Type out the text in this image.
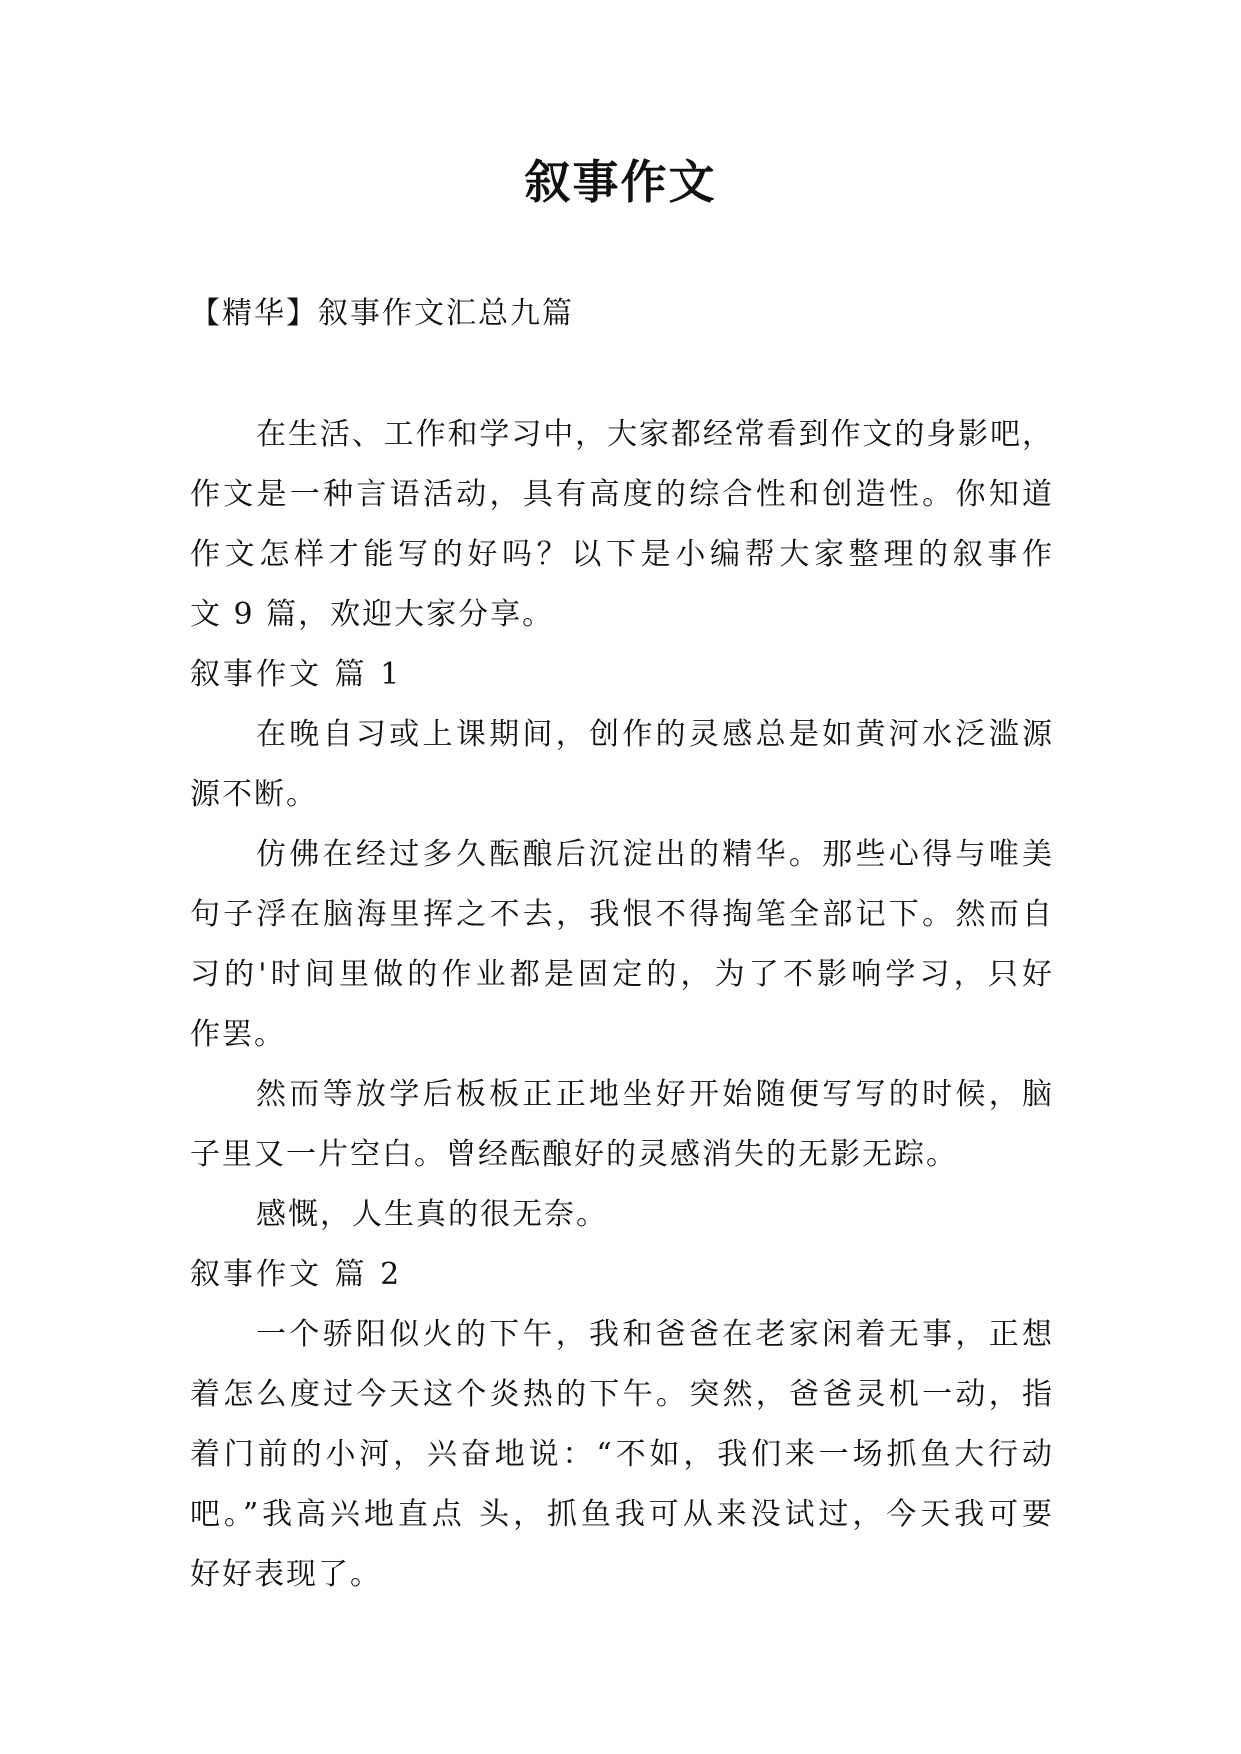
叙事作文
【精华】叙事作文汇总九篇
在生活、工作和学习中，大家都经常看到作文的身影吧，
作文是一种言语活动，具有高度的综合性和创造性。你知道
作文怎样才能写的好吗？以下是小编帮大家整理的叙事作
文 9 篇，欢迎大家分享。
叙事作文 篇 1
在晚自习或上课期间，创作的灵感总是如黄河水泛滥源
源不断。
仿佛在经过多久酝酿后沉淀出的精华。那些心得与唯美
句子浮在脑海里挥之不去，我恨不得掏笔全部记下。然而自
习的'时间里做的作业都是固定的，为了不影响学习，只好
作罢。
然而等放学后板板正正地坐好开始随便写写的时候，脑
子里又一片空白。曾经酝酿好的灵感消失的无影无踪。
感慨，人生真的很无奈。
叙事作文 篇 2
一个骄阳似火的下午，我和爸爸在老家闲着无事，正想
着怎么度过今天这个炎热的下午。突然，爸爸灵机一动，指
着门前的小河，兴奋地说：“不如，我们来一场抓鱼大行动
吧。”我高兴地直点 头，抓鱼我可从来没试过，今天我可要
好好表现了。
